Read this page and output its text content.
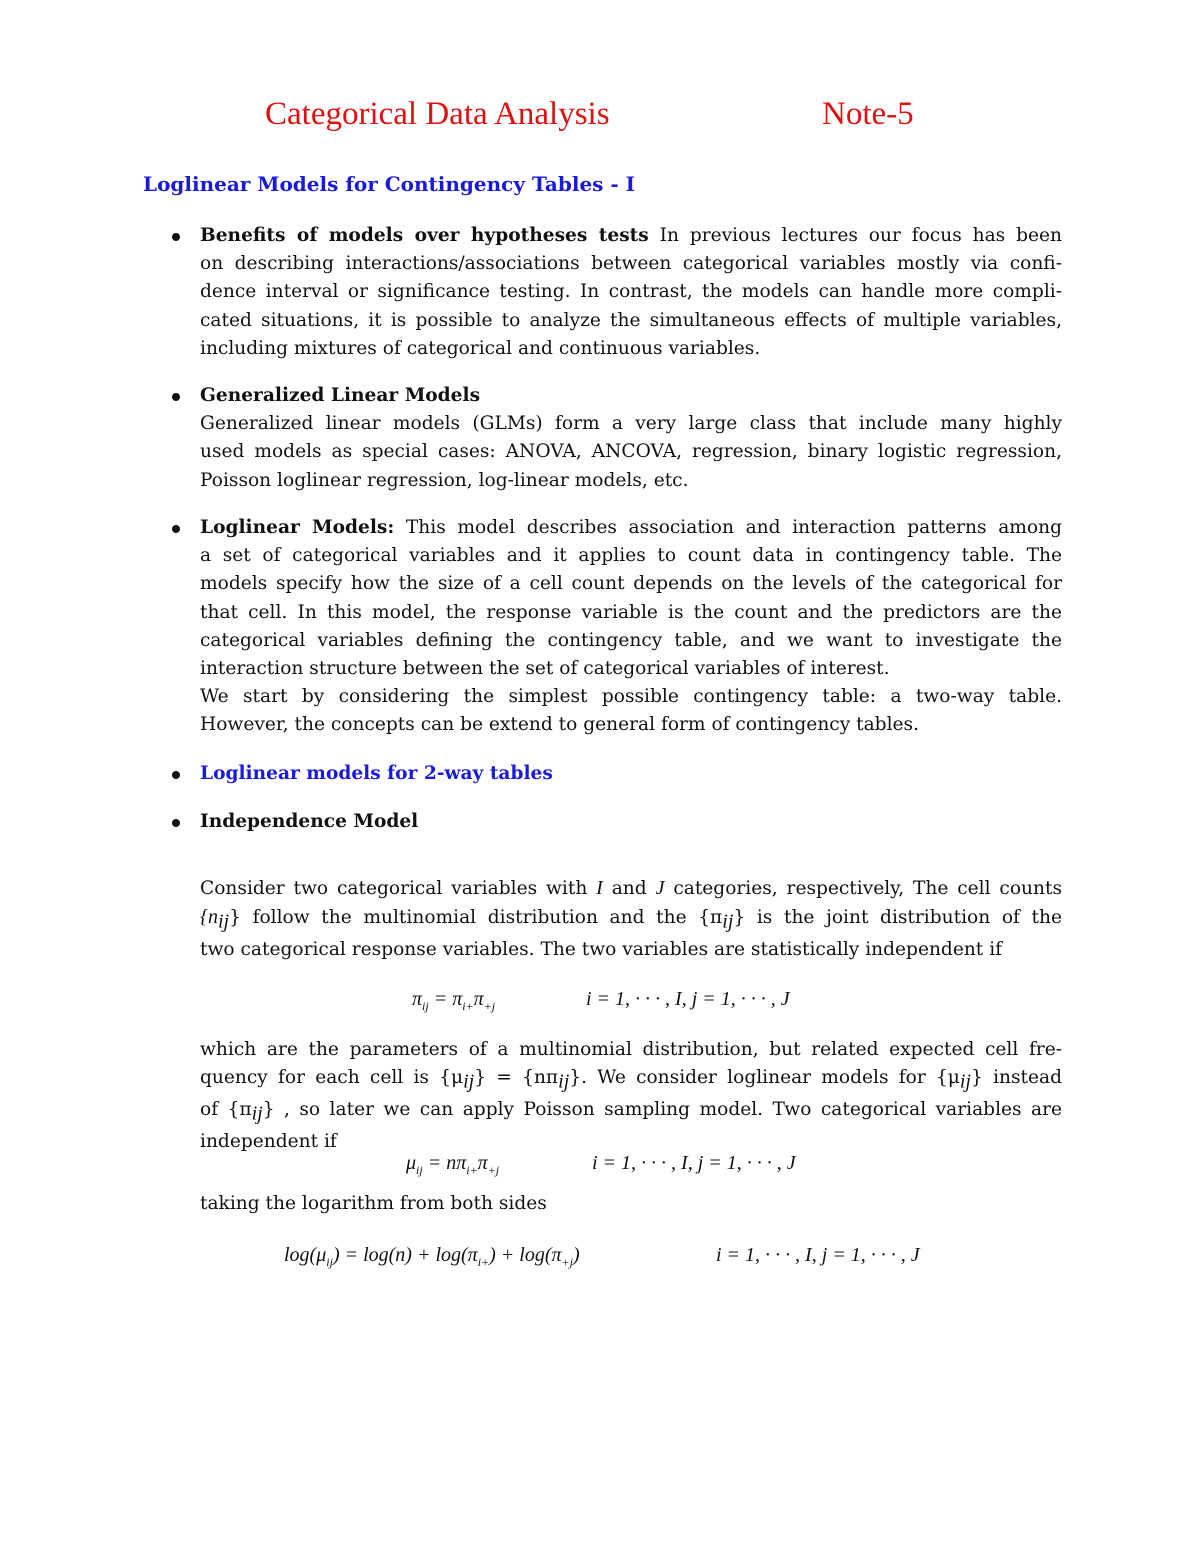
Categorical Data Analysis	Note-5
Loglinear Models for Contingency Tables - I
Benefits of models over hypotheses tests In previous lectures our focus has been
on describing interactions/associations between categorical variables mostly via confi-
dence interval or significance testing. In contrast, the models can handle more compli-
cated situations, it is possible to analyze the simultaneous effects of multiple variables,
including mixtures of categorical and continuous variables.
Generalized Linear Models
Generalized linear models (GLMs) form a very large class that include many highly
used models as special cases: ANOVA, ANCOVA, regression, binary logistic regression,
Poisson loglinear regression, log-linear models, etc.
Loglinear Models: This model describes association and interaction patterns among
a set of categorical variables and it applies to count data in contingency table. The
models specify how the size of a cell count depends on the levels of the categorical for
that cell. In this model, the response variable is the count and the predictors are the
categorical variables defining the contingency table, and we want to investigate the
interaction structure between the set of categorical variables of interest.
We start by considering the simplest possible contingency table: a two-way table.
However, the concepts can be extend to general form of contingency tables.
Loglinear models for 2-way tables
Independence Model
Consider two categorical variables with I and J categories, respectively, The cell counts
$\{n_{ij}\}$ follow the multinomial distribution and the $\{\pi_{ij}\}$ is the joint distribution of the
two categorical response variables. The two variables are statistically independent if
$\pi_{ij} = \pi_{i+}\pi_{+j}$	i = 1, · · · , I, j = 1, · · · , J
which are the parameters of a multinomial distribution, but related expected cell fre-
quency for each cell is $\{\mu_{ij}\} = \{n\pi_{ij}\}$. We consider loglinear models for $\{\mu_{ij}\}$ instead
of $\{\pi_{ij}\}$ , so later we can apply Poisson sampling model. Two categorical variables are
independent if
$\mu_{ij} = n\pi_{i+}\pi_{+j}$	i = 1, · · · , I, j = 1, · · · , J
taking the logarithm from both sides
$\log(\mu_{ij}) = \log(n) + \log(\pi_{i+}) + \log(\pi_{+j})$	i = 1, · · · , I, j = 1, · · · , J
